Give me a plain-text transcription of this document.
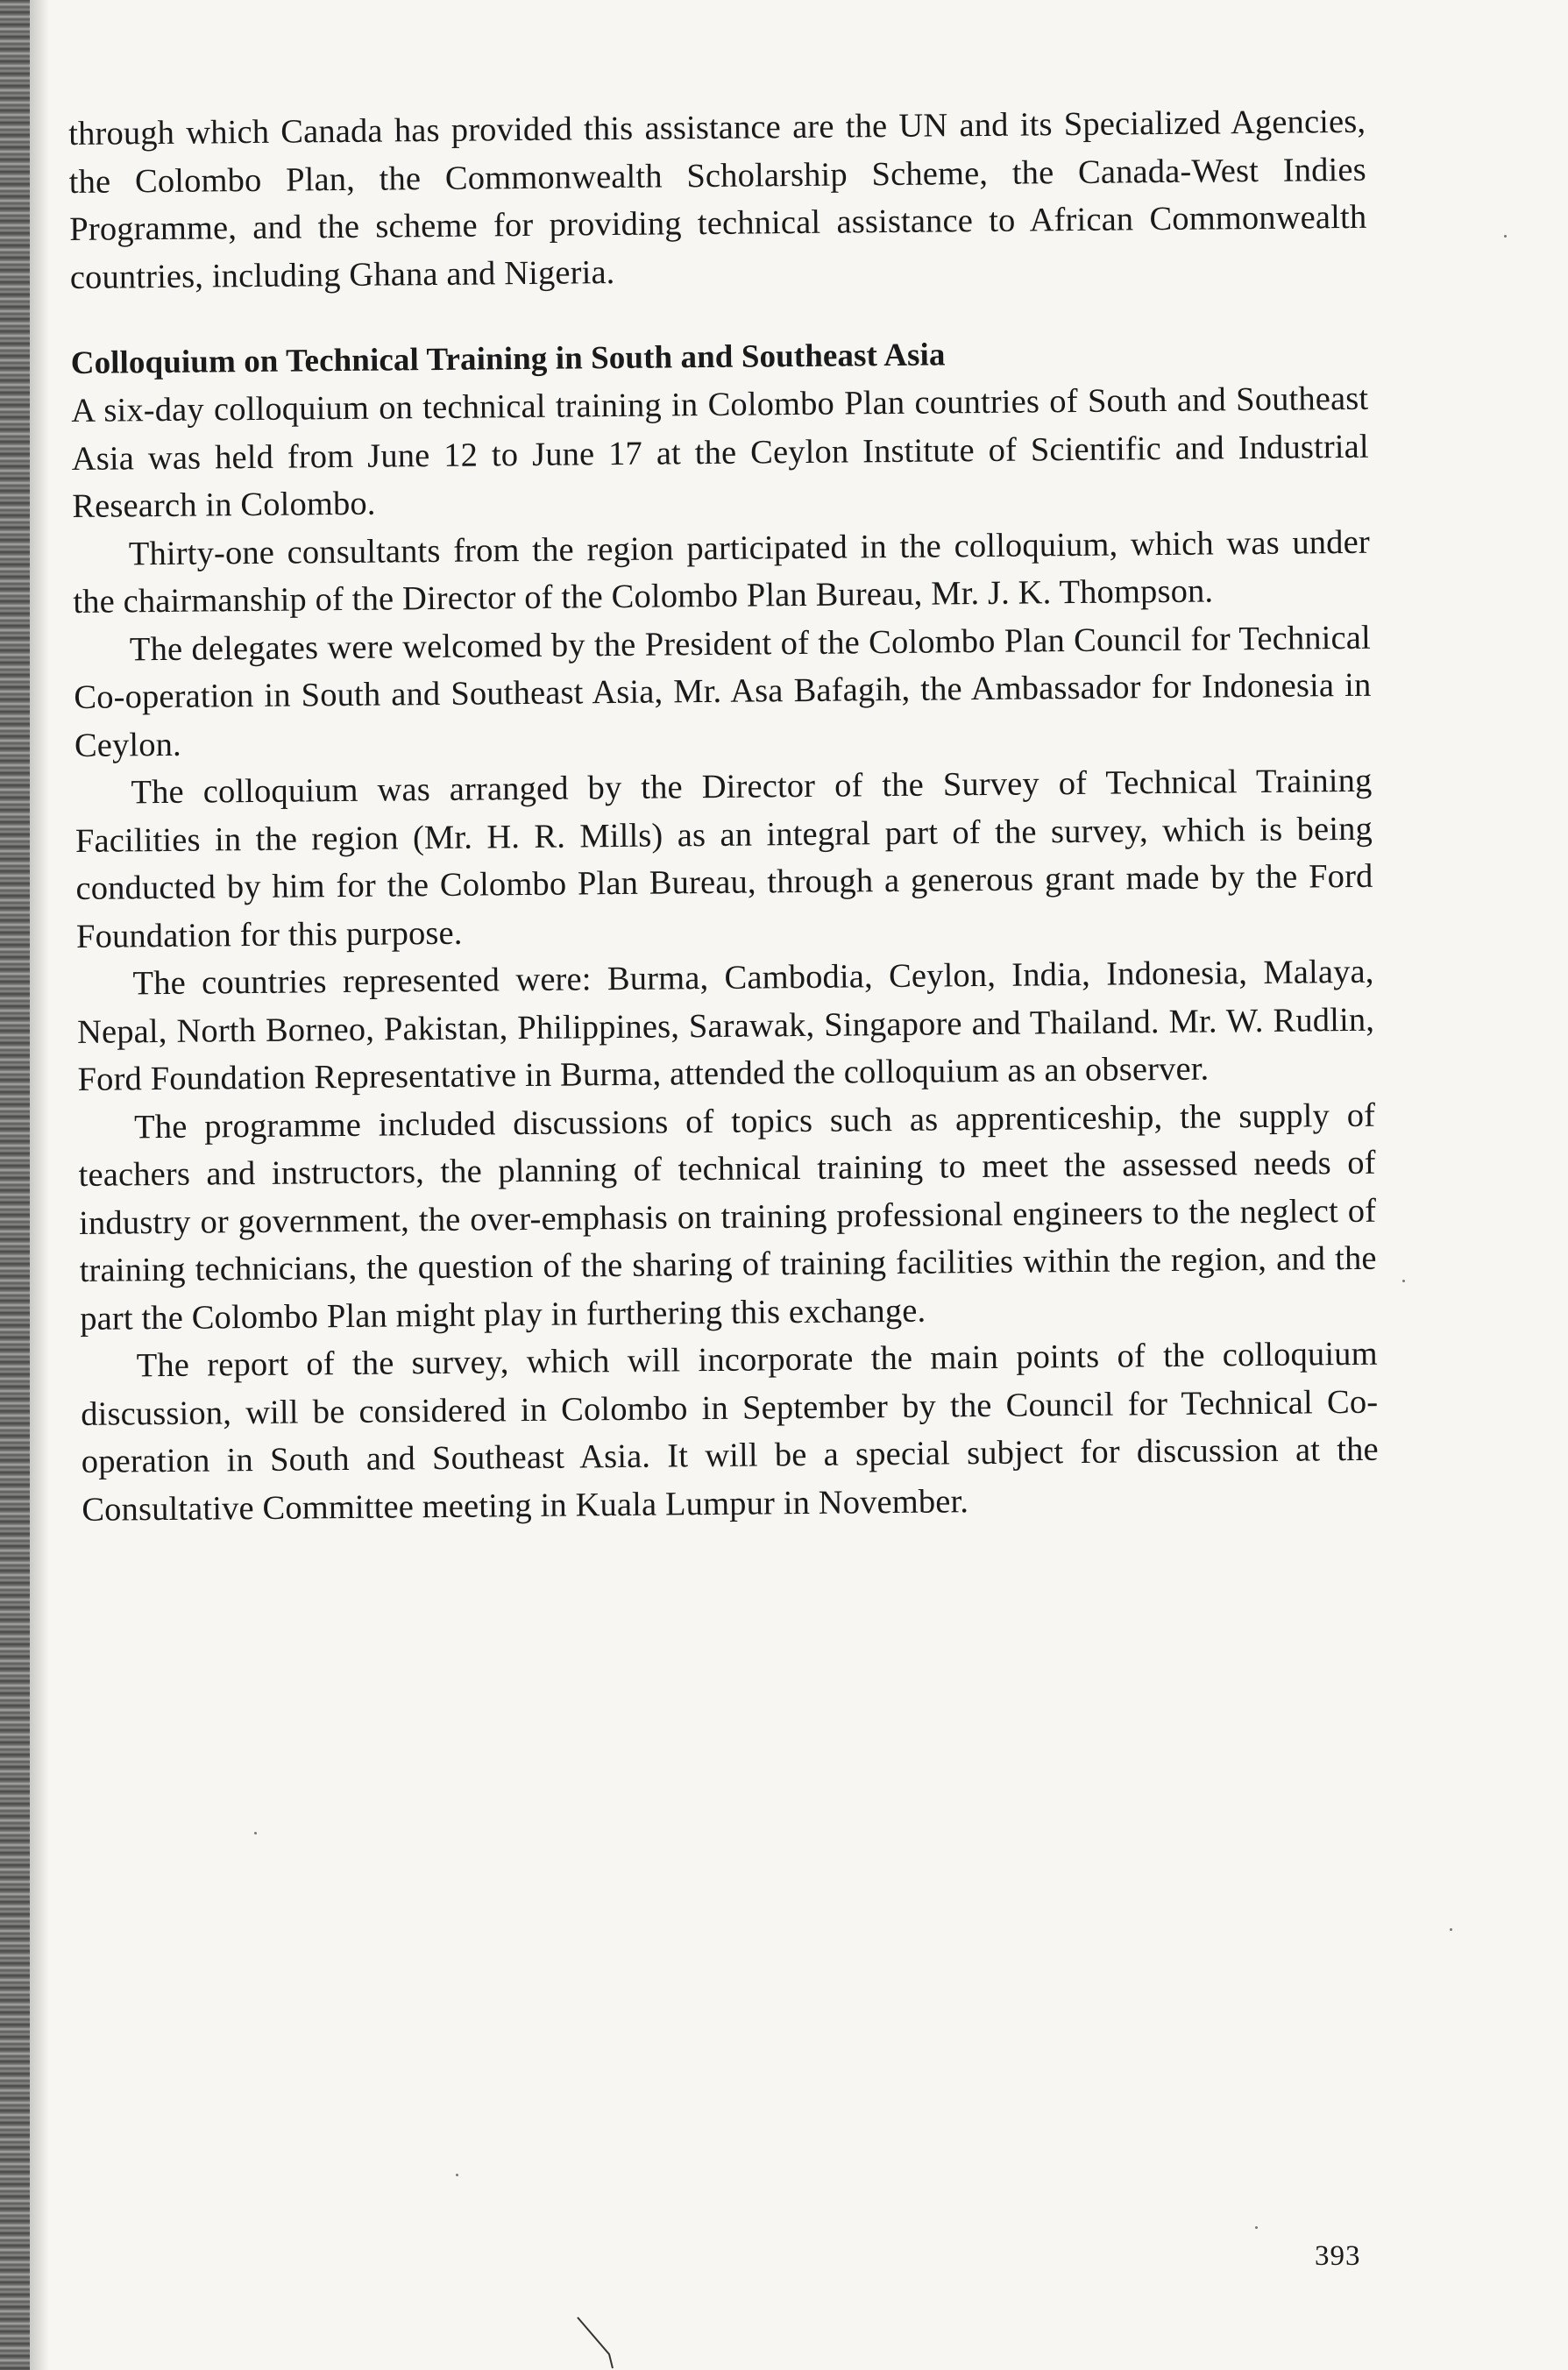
through which Canada has provided this assistance are the UN and its Specialized Agencies, the Colombo Plan, the Commonwealth Scholarship Scheme, the Canada-West Indies Programme, and the scheme for providing technical assistance to African Commonwealth countries, including Ghana and Nigeria.

Colloquium on Technical Training in South and Southeast Asia

A six-day colloquium on technical training in Colombo Plan countries of South and Southeast Asia was held from June 12 to June 17 at the Ceylon Institute of Scientific and Industrial Research in Colombo.

Thirty-one consultants from the region participated in the colloquium, which was under the chairmanship of the Director of the Colombo Plan Bureau, Mr. J. K. Thompson.

The delegates were welcomed by the President of the Colombo Plan Council for Technical Co-operation in South and Southeast Asia, Mr. Asa Bafagih, the Ambassador for Indonesia in Ceylon.

The colloquium was arranged by the Director of the Survey of Technical Training Facilities in the region (Mr. H. R. Mills) as an integral part of the survey, which is being conducted by him for the Colombo Plan Bureau, through a generous grant made by the Ford Foundation for this purpose.

The countries represented were: Burma, Cambodia, Ceylon, India, Indonesia, Malaya, Nepal, North Borneo, Pakistan, Philippines, Sarawak, Singapore and Thailand. Mr. W. Rudlin, Ford Foundation Representative in Burma, attended the colloquium as an observer.

The programme included discussions of topics such as apprenticeship, the supply of teachers and instructors, the planning of technical training to meet the assessed needs of industry or government, the over-emphasis on training professional engineers to the neglect of training technicians, the question of the sharing of training facilities within the region, and the part the Colombo Plan might play in furthering this exchange.

The report of the survey, which will incorporate the main points of the colloquium discussion, will be considered in Colombo in September by the Council for Technical Co-operation in South and Southeast Asia. It will be a special subject for discussion at the Consultative Committee meeting in Kuala Lumpur in November.

393
